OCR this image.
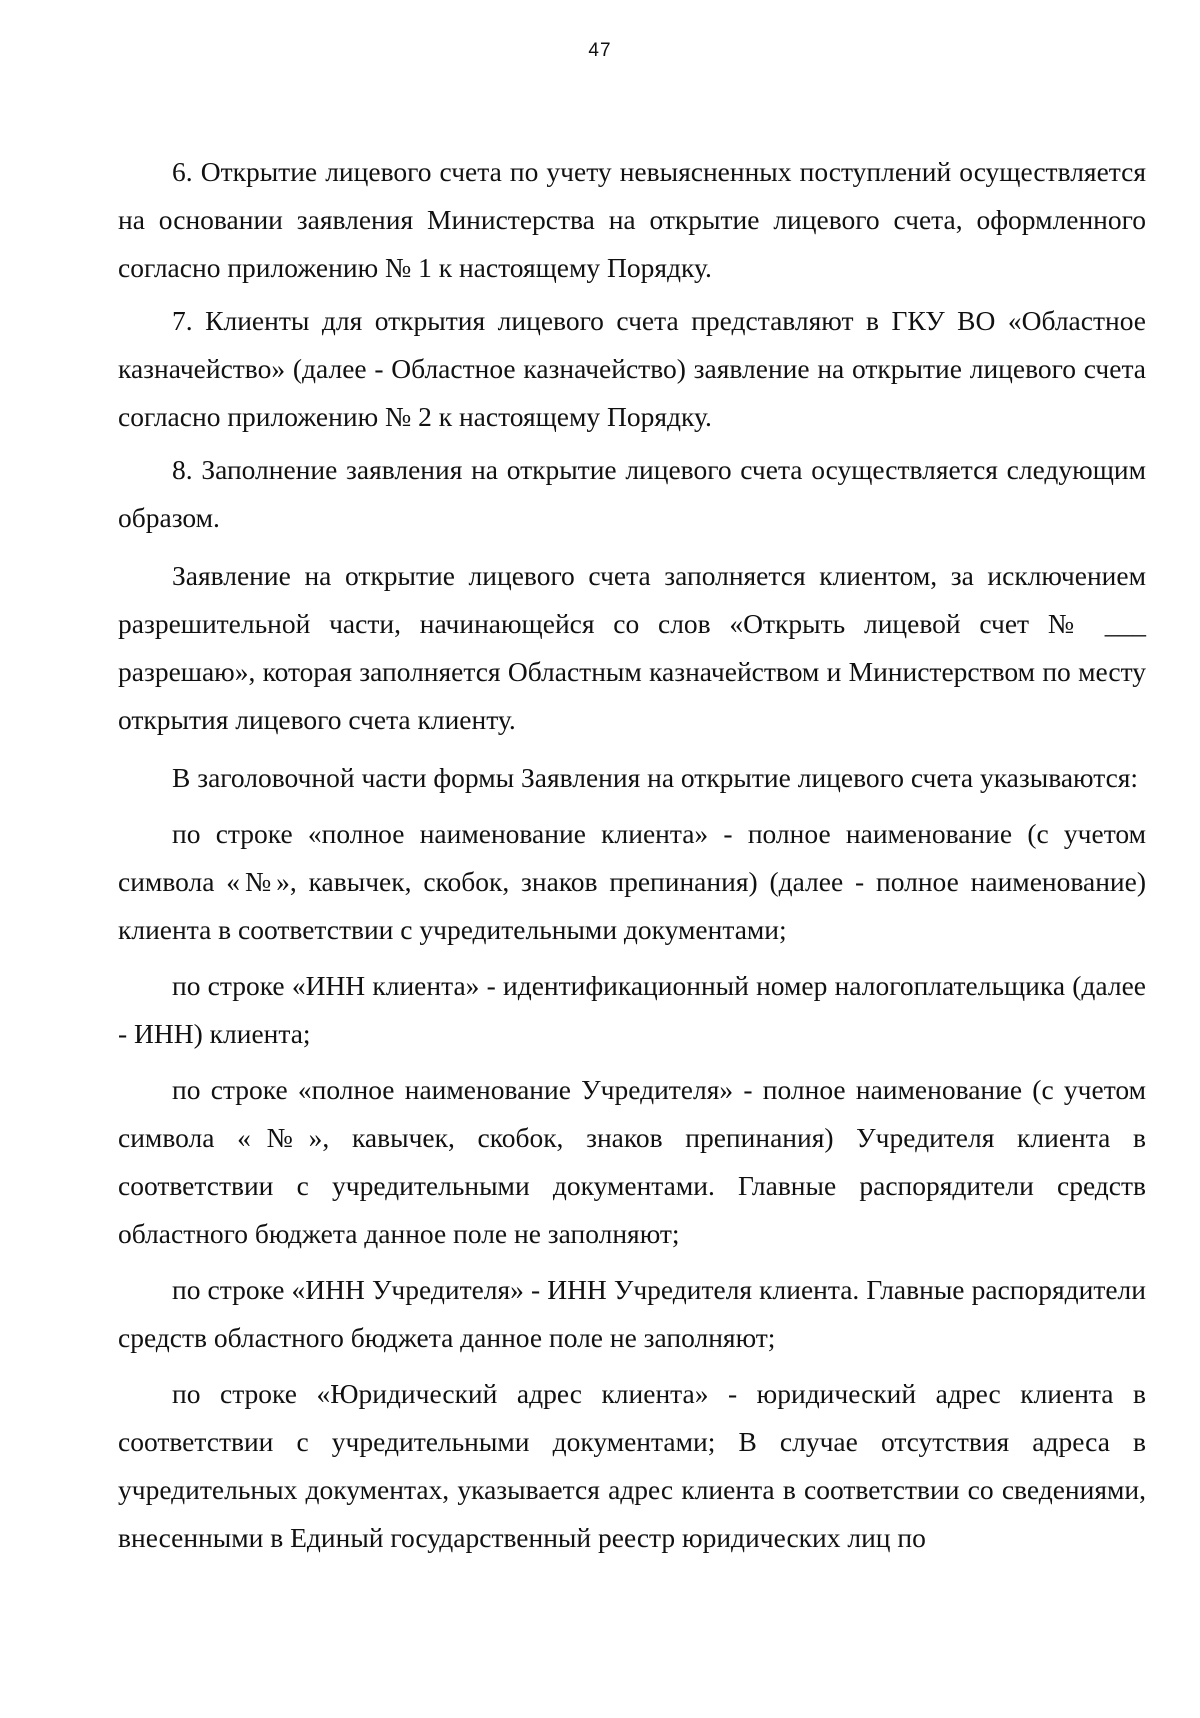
47

6. Открытие лицевого счета по учету невыясненных поступлений осуществляется на основании заявления Министерства на открытие лицевого счета, оформленного согласно приложению № 1 к настоящему Порядку.

7. Клиенты для открытия лицевого счета представляют в ГКУ ВО «Областное казначейство» (далее - Областное казначейство) заявление на открытие лицевого счета согласно приложению № 2 к настоящему Порядку.

8. Заполнение заявления на открытие лицевого счета осуществляется следующим образом.

Заявление на открытие лицевого счета заполняется клиентом, за исключением разрешительной части, начинающейся со слов «Открыть лицевой счет № ___ разрешаю», которая заполняется Областным казначейством и Министерством по месту открытия лицевого счета клиенту.

В заголовочной части формы Заявления на открытие лицевого счета указываются:

по строке «полное наименование клиента» - полное наименование (с учетом символа «№», кавычек, скобок, знаков препинания) (далее - полное наименование) клиента в соответствии с учредительными документами;

по строке «ИНН клиента» - идентификационный номер налогоплательщика (далее - ИНН) клиента;

по строке «полное наименование Учредителя» - полное наименование (с учетом символа «№», кавычек, скобок, знаков препинания) Учредителя клиента в соответствии с учредительными документами. Главные распорядители средств областного бюджета данное поле не заполняют;

по строке «ИНН Учредителя» - ИНН Учредителя клиента. Главные распорядители средств областного бюджета данное поле не заполняют;

по строке «Юридический адрес клиента» - юридический адрес клиента в соответствии с учредительными документами; В случае отсутствия адреса в учредительных документах, указывается адрес клиента в соответствии со сведениями, внесенными в Единый государственный реестр юридических лиц по
